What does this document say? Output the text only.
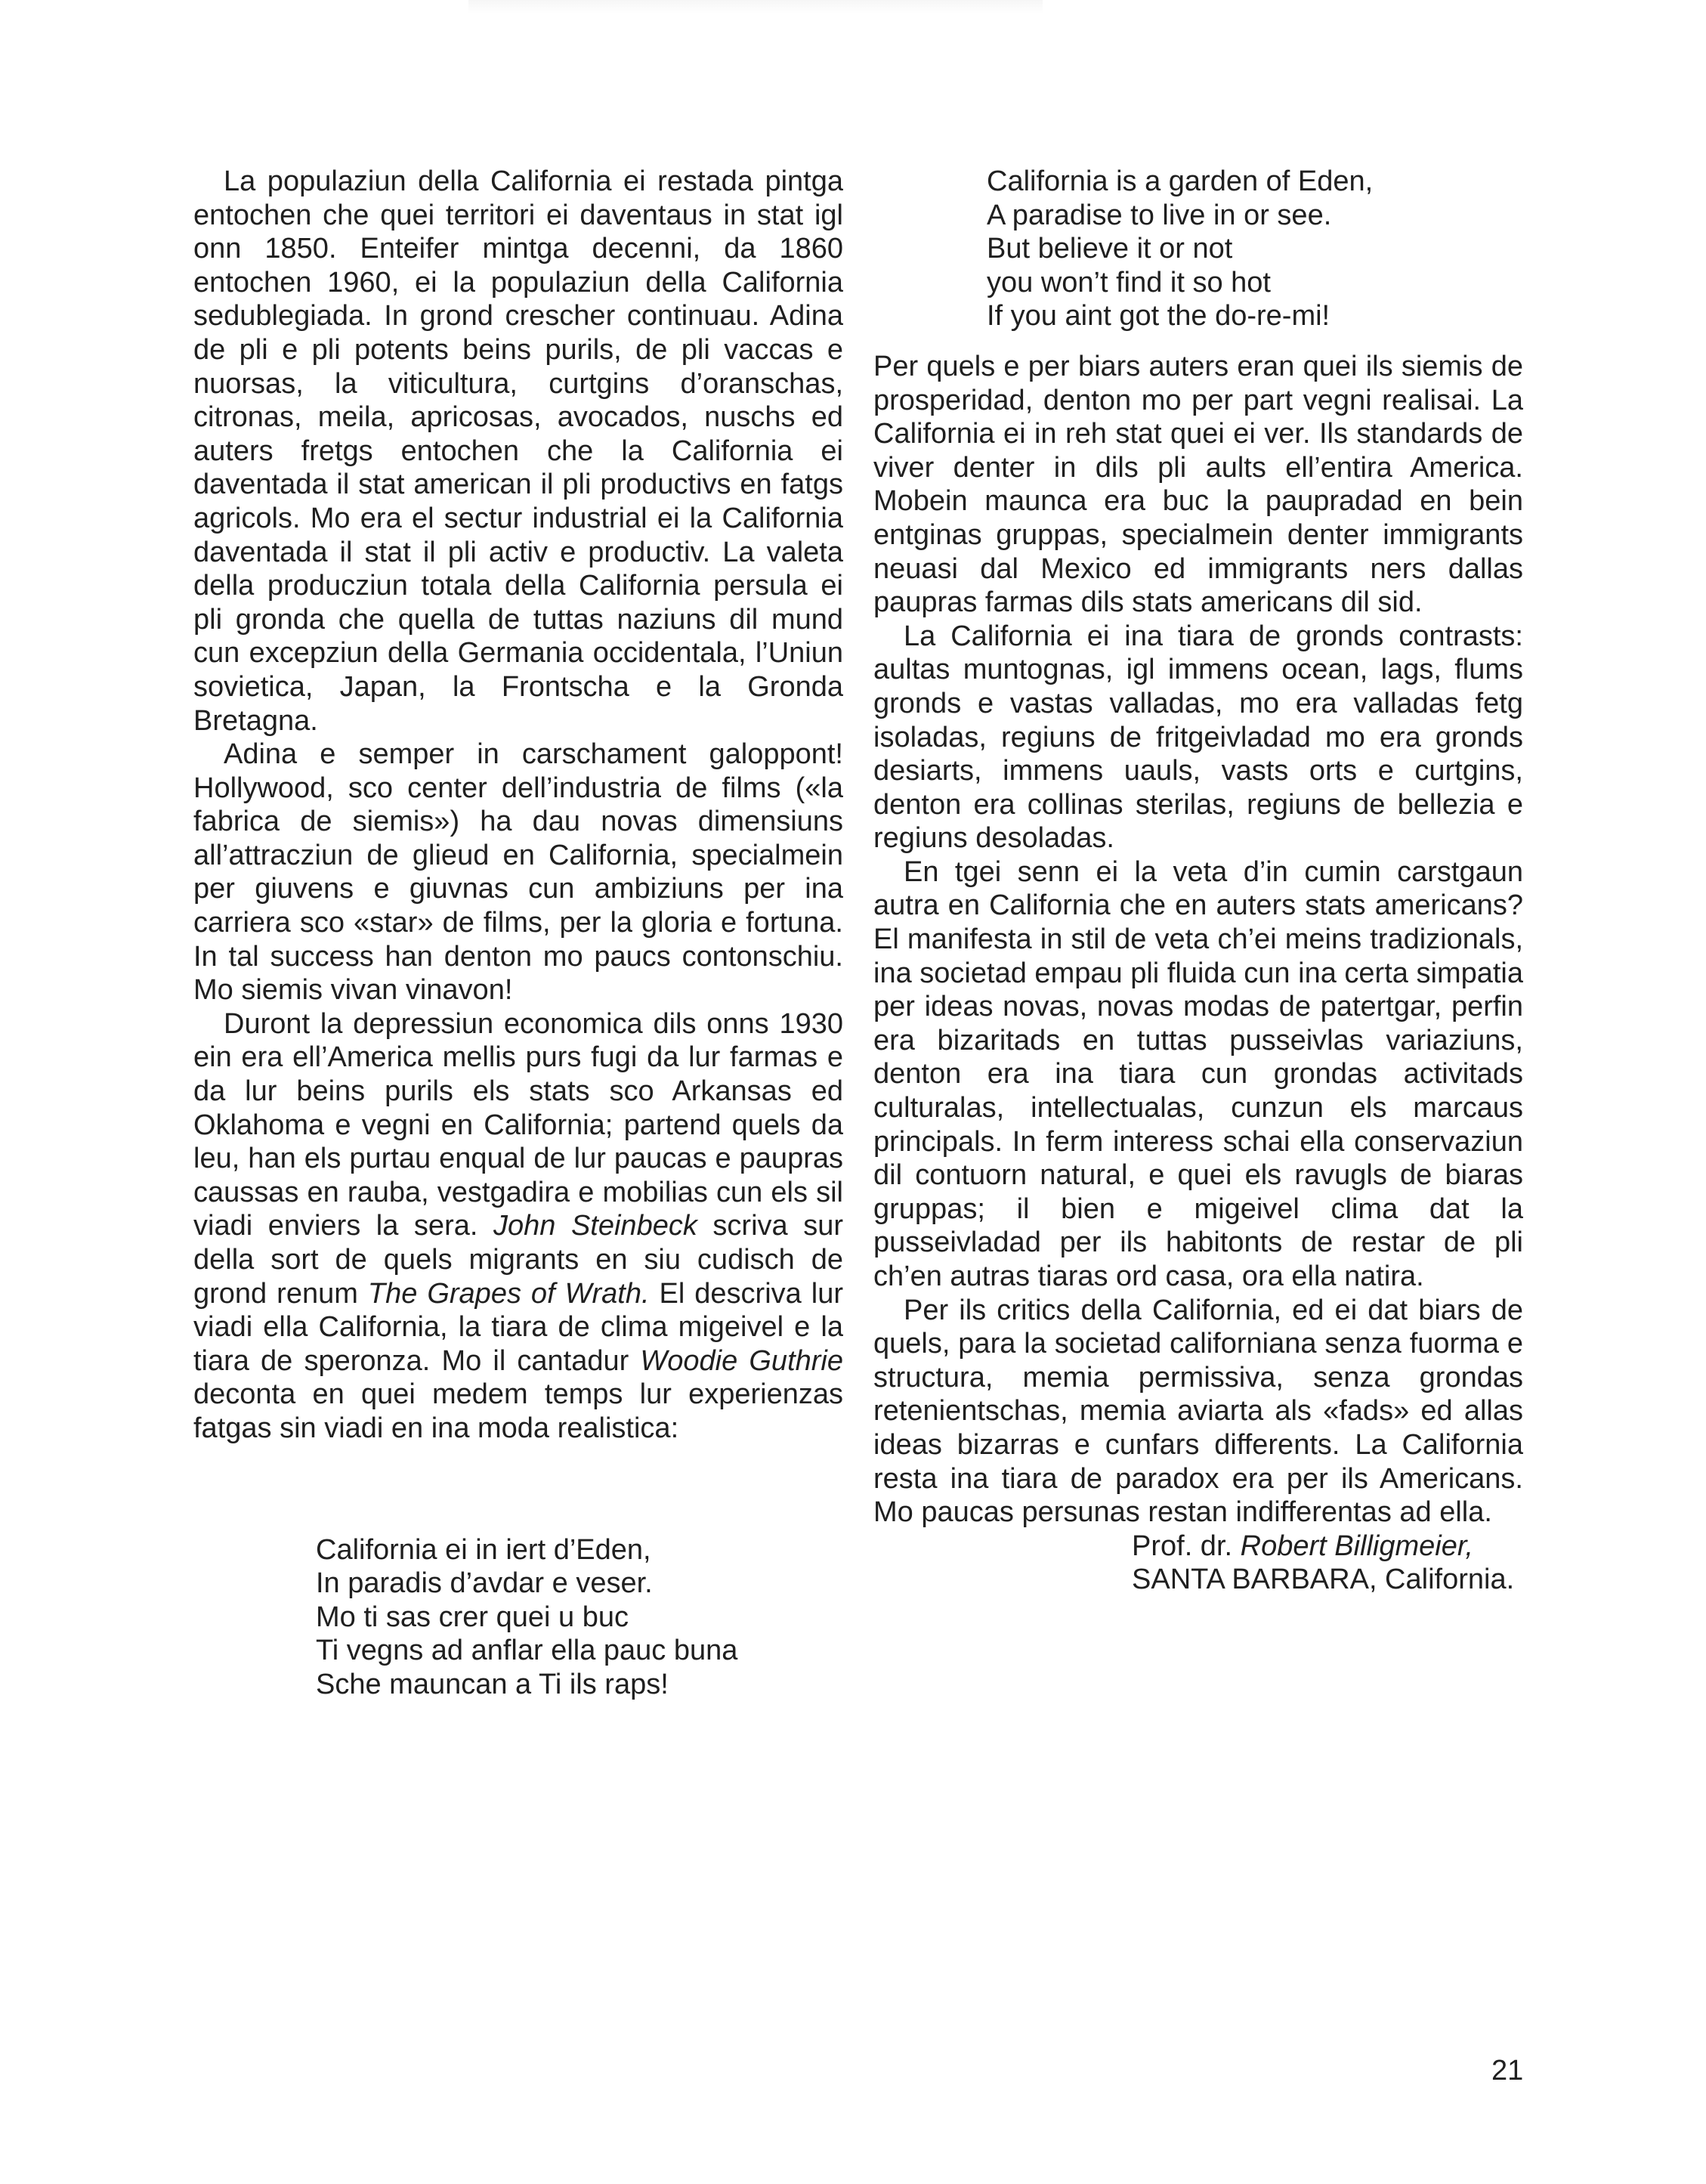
La populaziun della California ei restada pintga entochen che quei territori ei daventaus in stat igl onn 1850. Enteifer mintga decenni, da 1860 entochen 1960, ei la populaziun della California sedublegiada. In grond crescher continuau. Adina de pli e pli potents beins purils, de pli vaccas e nuorsas, la viticultura, curtgins d’oranschas, citronas, meila, apricosas, avocados, nuschs ed auters fretgs entochen che la California ei daventada il stat american il pli productivs en fatgs agricols. Mo era el sectur industrial ei la California daventada il stat il pli activ e productiv. La valeta della producziun totala della California persula ei pli gronda che quella de tuttas naziuns dil mund cun excepziun della Germania occidentala, l’Uniun sovietica, Japan, la Frontscha e la Gronda Bretagna.

Adina e semper in carschament galoppont! Hollywood, sco center dell’industria de films («la fabrica de siemis») ha dau novas dimensiuns all’attracziun de glieud en California, specialmein per giuvens e giuvnas cun ambiziuns per ina carriera sco «star» de films, per la gloria e fortuna. In tal success han denton mo paucs contonschiu. Mo siemis vivan vinavon!

Duront la depressiun economica dils onns 1930 ein era ell’America mellis purs fugi da lur farmas e da lur beins purils els stats sco Arkansas ed Oklahoma e vegni en California; partend quels da leu, han els purtau enqual de lur paucas e paupras caussas en rauba, vestgadira e mobilias cun els sil viadi enviers la sera. John Steinbeck scriva sur della sort de quels migrants en siu cudisch de grond renum The Grapes of Wrath. El descriva lur viadi ella California, la tiara de clima migeivel e la tiara de speronza. Mo il cantadur Woodie Guthrie deconta en quei medem temps lur experienzas fatgas sin viadi en ina moda realistica:

California ei in iert d’Eden,
In paradis d’avdar e veser.
Mo ti sas crer quei u buc
Ti vegns ad anflar ella pauc buna
Sche mauncan a Ti ils raps!
California is a garden of Eden,
A paradise to live in or see.
But believe it or not
you won’t find it so hot
If you aint got the do-re-mi!

Per quels e per biars auters eran quei ils siemis de prosperidad, denton mo per part vegni realisai. La California ei in reh stat quei ei ver. Ils standards de viver denter in dils pli aults ell’entira America. Mobein maunca era buc la paupradad en bein entginas gruppas, specialmein denter immigrants neuasi dal Mexico ed immigrants ners dallas paupras farmas dils stats americans dil sid.

La California ei ina tiara de gronds contrasts: aultas muntognas, igl immens ocean, lags, flums gronds e vastas valladas, mo era valladas fetg isoladas, regiuns de fritgeivladad mo era gronds desiarts, immens uauls, vasts orts e curtgins, denton era collinas sterilas, regiuns de bellezia e regiuns desoladas.

En tgei senn ei la veta d’in cumin carstgaun autra en California che en auters stats americans? El manifesta in stil de veta ch’ei meins tradizionals, ina societad empau pli fluida cun ina certa simpatia per ideas novas, novas modas de patertgar, perfin era bizaritads en tuttas pusseivlas variaziuns, denton era ina tiara cun grondas activitads culturalas, intellectualas, cunzun els marcaus principals. In ferm interess schai ella conservaziun dil contuorn natural, e quei els ravugls de biaras gruppas; il bien e migeivel clima dat la pusseivladad per ils habitonts de restar de pli ch’en autras tiaras ord casa, ora ella natira.

Per ils critics della California, ed ei dat biars de quels, para la societad californiana senza fuorma e structura, memia permissiva, senza grondas retenientschas, memia aviarta als «fads» ed allas ideas bizarras e cunfars differents. La California resta ina tiara de paradox era per ils Americans. Mo paucas persunas restan indifferentas ad ella.

Prof. dr. Robert Billigmeier,
SANTA BARBARA, California.
21
